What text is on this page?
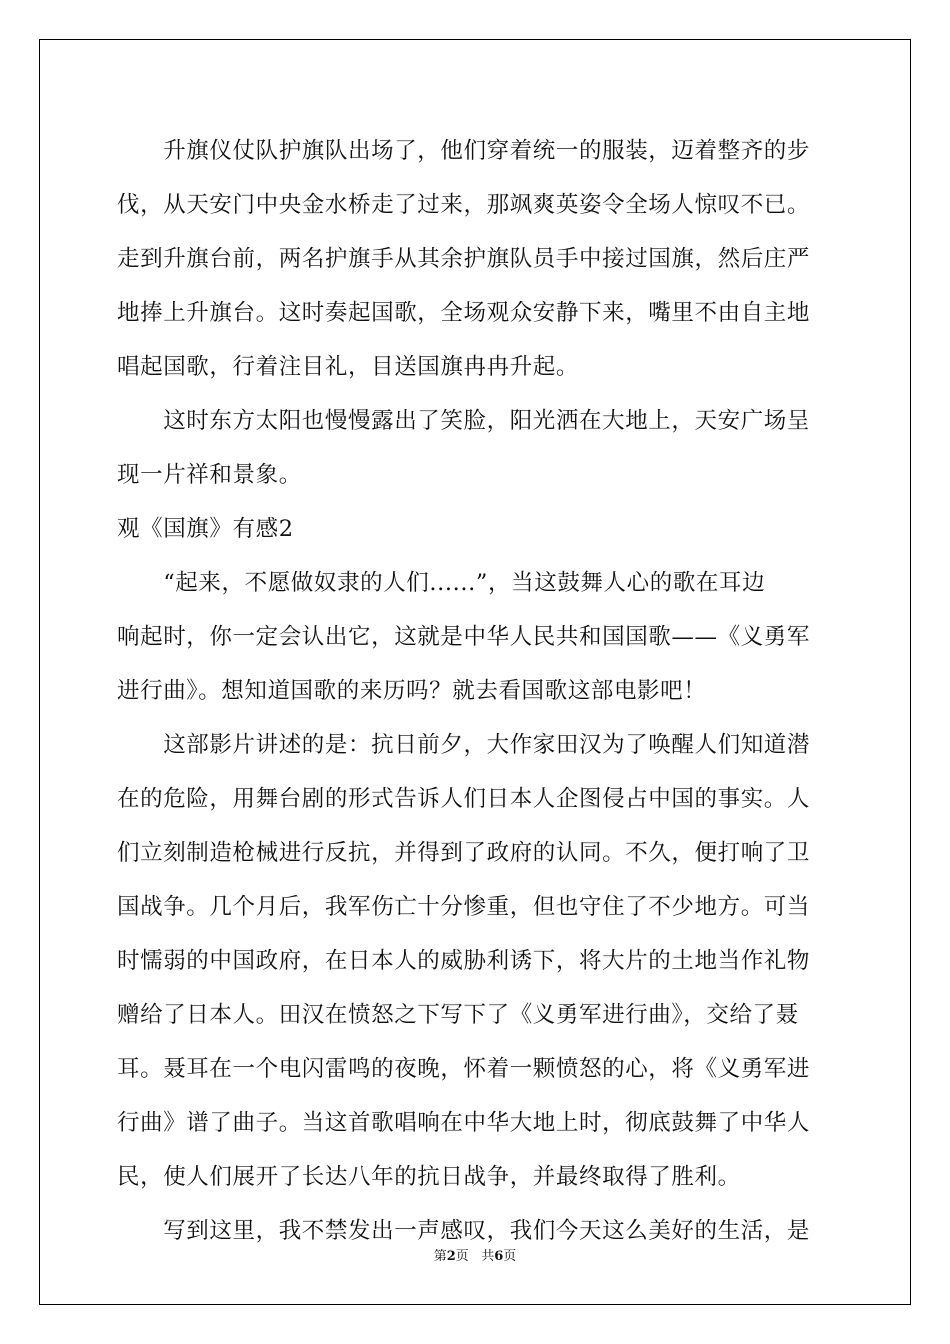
　　升旗仪仗队护旗队出场了，他们穿着统一的服装，迈着整齐的步
伐，从天安门中央金水桥走了过来，那飒爽英姿令全场人惊叹不已。
走到升旗台前，两名护旗手从其余护旗队员手中接过国旗，然后庄严
地捧上升旗台。这时奏起国歌，全场观众安静下来，嘴里不由自主地
唱起国歌，行着注目礼，目送国旗冉冉升起。
　　这时东方太阳也慢慢露出了笑脸，阳光洒在大地上，天安广场呈
现一片祥和景象。
观《国旗》有感2
　　“起来，不愿做奴隶的人们......”，当这鼓舞人心的歌在耳边
响起时，你一定会认出它，这就是中华人民共和国国歌——《义勇军
进行曲》。想知道国歌的来历吗？就去看国歌这部电影吧！
　　这部影片讲述的是：抗日前夕，大作家田汉为了唤醒人们知道潜
在的危险，用舞台剧的形式告诉人们日本人企图侵占中国的事实。人
们立刻制造枪械进行反抗，并得到了政府的认同。不久，便打响了卫
国战争。几个月后，我军伤亡十分惨重，但也守住了不少地方。可当
时懦弱的中国政府，在日本人的威胁利诱下，将大片的土地当作礼物
赠给了日本人。田汉在愤怒之下写下了《义勇军进行曲》，交给了聂
耳。聂耳在一个电闪雷鸣的夜晚，怀着一颗愤怒的心，将《义勇军进
行曲》谱了曲子。当这首歌唱响在中华大地上时，彻底鼓舞了中华人
民，使人们展开了长达八年的抗日战争，并最终取得了胜利。
　　写到这里，我不禁发出一声感叹，我们今天这么美好的生活，是
第2页 共6页
